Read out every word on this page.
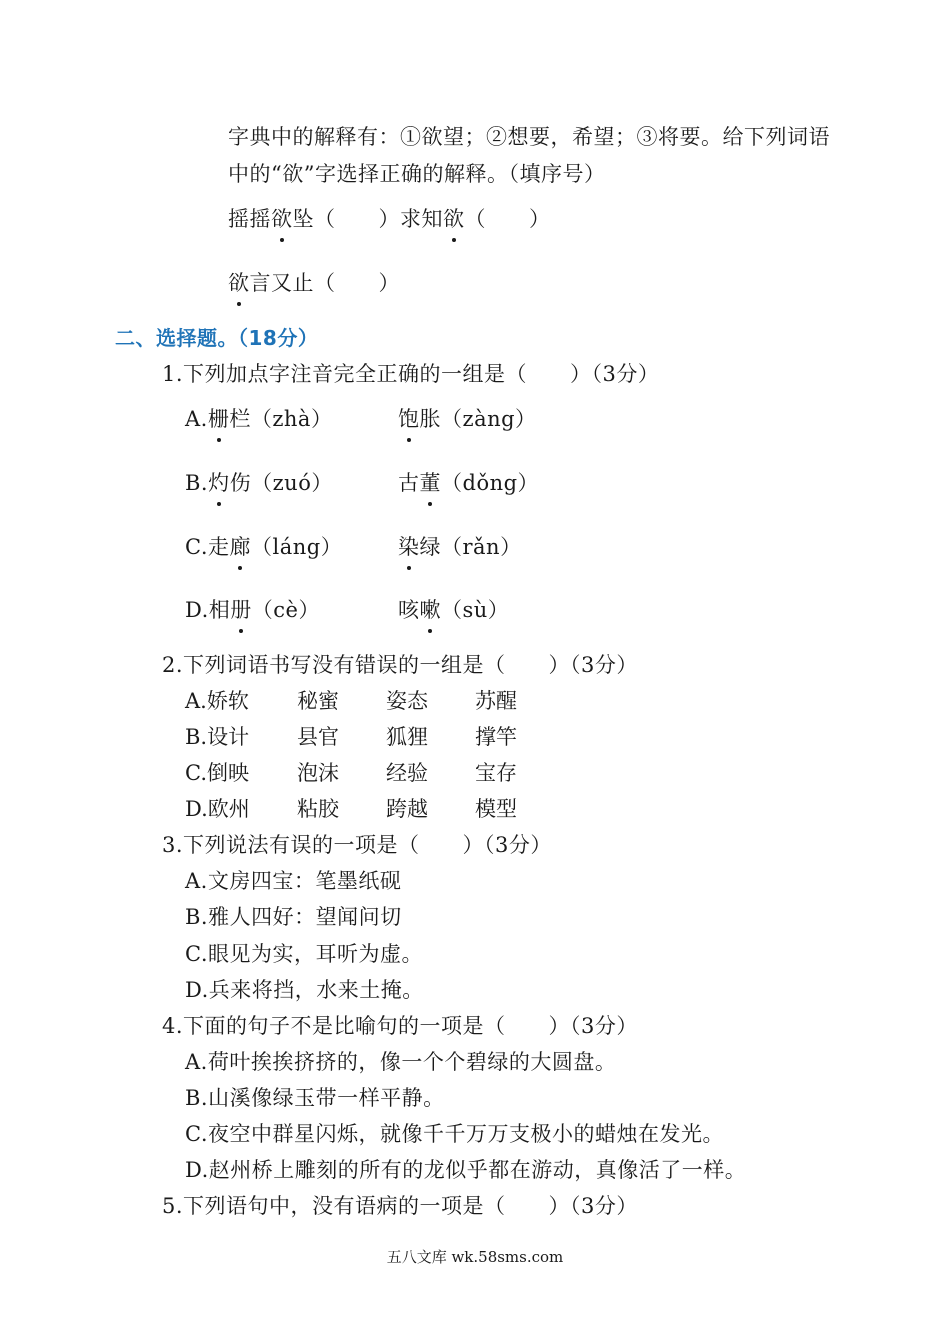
字典中的解释有：①欲望；②想要，希望；③将要。给下列词语
中的“欲”字选择正确的解释。（填序号）
摇摇欲坠（　　）求知欲（　　）
欲言又止（　　）
二、选择题。（18分）
1.下列加点字注音完全正确的一组是（　　）（3分）
A.栅栏（zhà）	饱胀（zàng）
B.灼伤（zuó）	古董（dǒng）
C.走廊（láng）	染绿（rǎn）
D.相册（cè）	咳嗽（sù）
2.下列词语书写没有错误的一组是（　　）（3分）
A.娇软 秘蜜 姿态 苏醒
B.设计 县官 狐狸 撑竿
C.倒映 泡沫 经验 宝存
D.欧州 粘胶 跨越 模型
3.下列说法有误的一项是（　　）（3分）
A.文房四宝：笔墨纸砚
B.雅人四好：望闻问切
C.眼见为实，耳听为虚。
D.兵来将挡，水来土掩。
4.下面的句子不是比喻句的一项是（　　）（3分）
A.荷叶挨挨挤挤的，像一个个碧绿的大圆盘。
B.山溪像绿玉带一样平静。
C.夜空中群星闪烁，就像千千万万支极小的蜡烛在发光。
D.赵州桥上雕刻的所有的龙似乎都在游动，真像活了一样。
5.下列语句中，没有语病的一项是（　　）（3分）
五八文库 wk.58sms.com
